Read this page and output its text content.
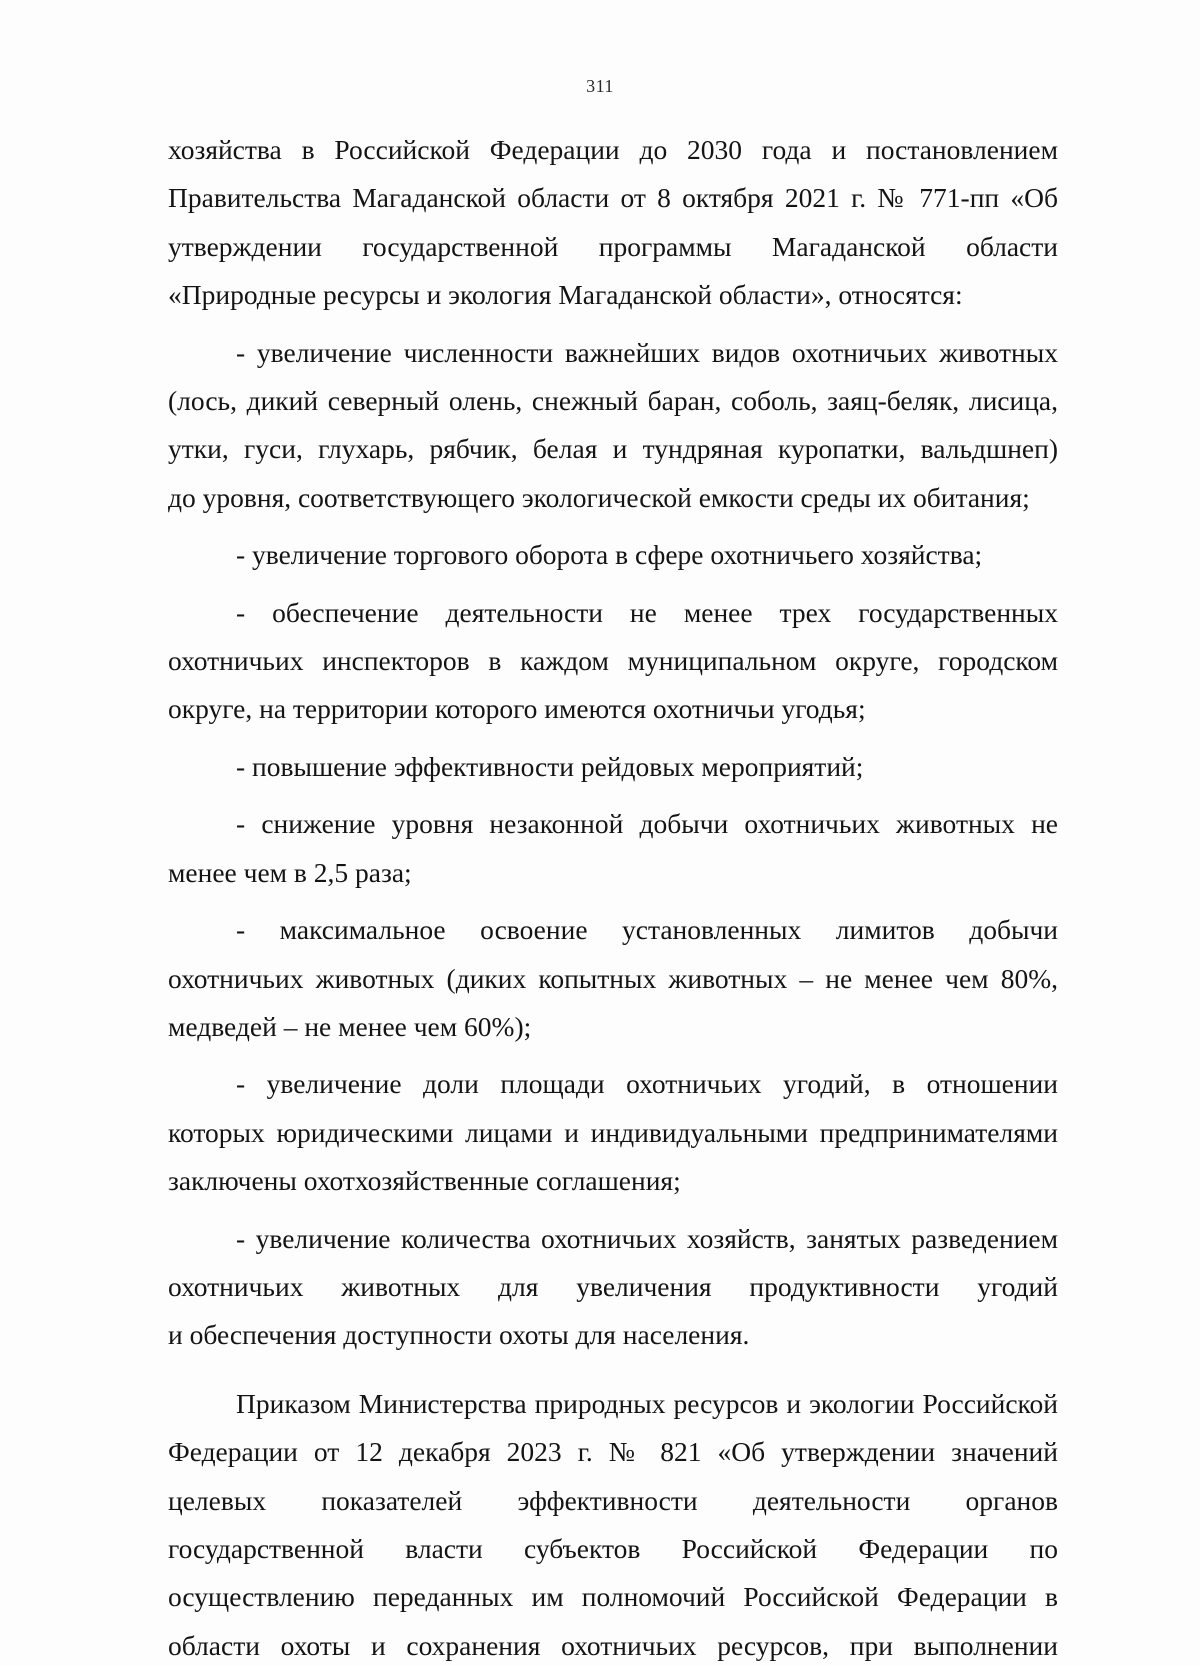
311

хозяйства в Российской Федерации до 2030 года и постановлением
Правительства Магаданской области от 8 октября 2021 г. № 771-пп «Об
утверждении государственной программы Магаданской области
«Природные ресурсы и экология Магаданской области», относятся:

- увеличение численности важнейших видов охотничьих животных
(лось, дикий северный олень, снежный баран, соболь, заяц-беляк, лисица,
утки, гуси, глухарь, рябчик, белая и тундряная куропатки, вальдшнеп)
до уровня, соответствующего экологической емкости среды их обитания;

- увеличение торгового оборота в сфере охотничьего хозяйства;

- обеспечение деятельности не менее трех государственных
охотничьих инспекторов в каждом муниципальном округе, городском
округе, на территории которого имеются охотничьи угодья;

- повышение эффективности рейдовых мероприятий;

- снижение уровня незаконной добычи охотничьих животных не
менее чем в 2,5 раза;

- максимальное освоение установленных лимитов добычи
охотничьих животных (диких копытных животных – не менее чем 80%,
медведей – не менее чем 60%);

- увеличение доли площади охотничьих угодий, в отношении
которых юридическими лицами и индивидуальными предпринимателями
заключены охотхозяйственные соглашения;

- увеличение количества охотничьих хозяйств, занятых разведением
охотничьих животных для увеличения продуктивности угодий
и обеспечения доступности охоты для населения.

Приказом Министерства природных ресурсов и экологии Российской
Федерации от 12 декабря 2023 г. № 821 «Об утверждении значений
целевых показателей эффективности деятельности органов
государственной власти субъектов Российской Федерации по
осуществлению переданных им полномочий Российской Федерации в
области охоты и сохранения охотничьих ресурсов, при выполнении
